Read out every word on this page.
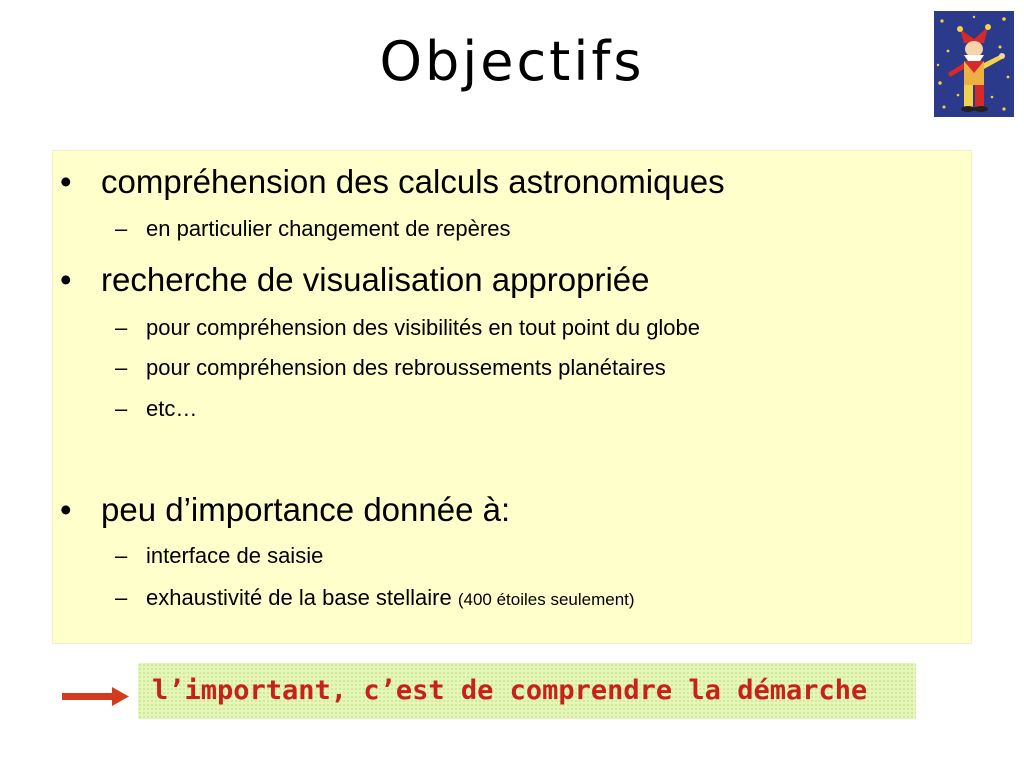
Objectifs
• compréhension des calculs astronomiques
– en particulier changement de repères
• recherche de visualisation appropriée
– pour compréhension des visibilités en tout point du globe
– pour compréhension des rebroussements planétaires
– etc…
• peu d’importance donnée à:
– interface de saisie
– exhaustivité de la base stellaire (400 étoiles seulement)
l’important, c’est de comprendre la démarche
